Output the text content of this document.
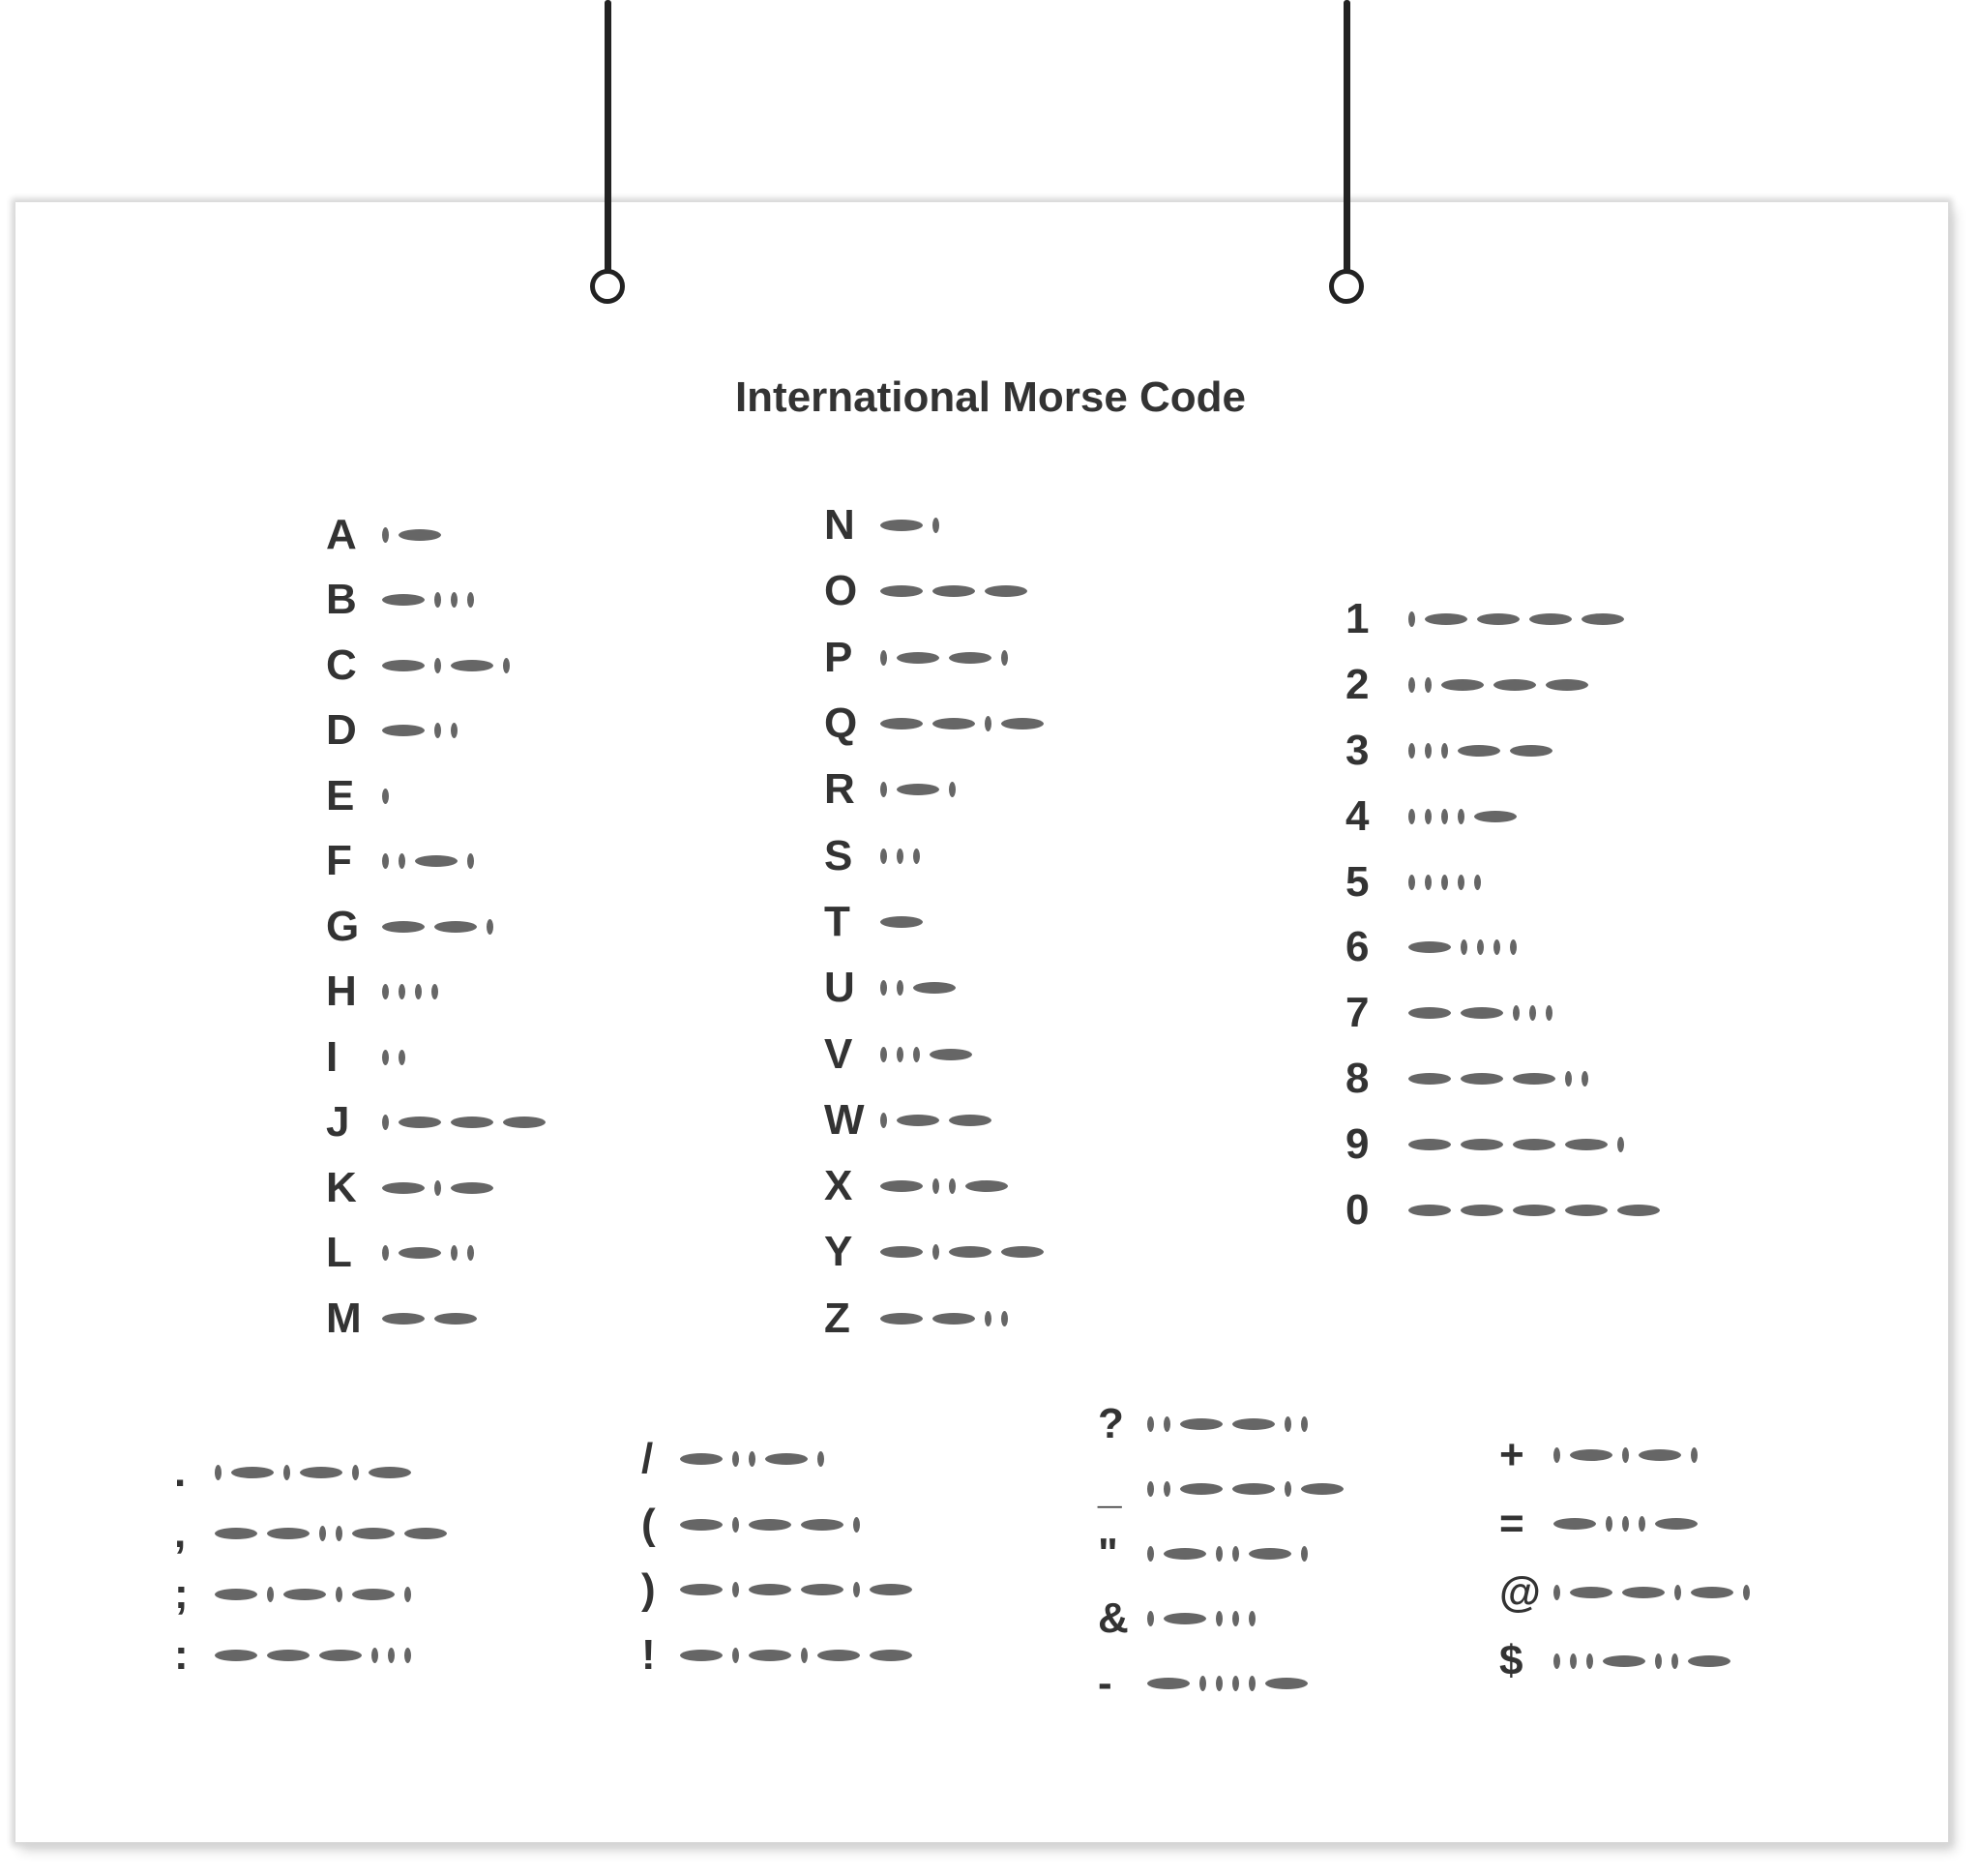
International Morse Code
A
B
C
D
E
F
G
H
I
J
K
L
M
N
O
P
Q
R
S
T
U
V
W
X
Y
Z
1
2
3
4
5
6
7
8
9
0
.
,
;
:
/
(
)
!
?
_
"
&
-
+
=
@
$
